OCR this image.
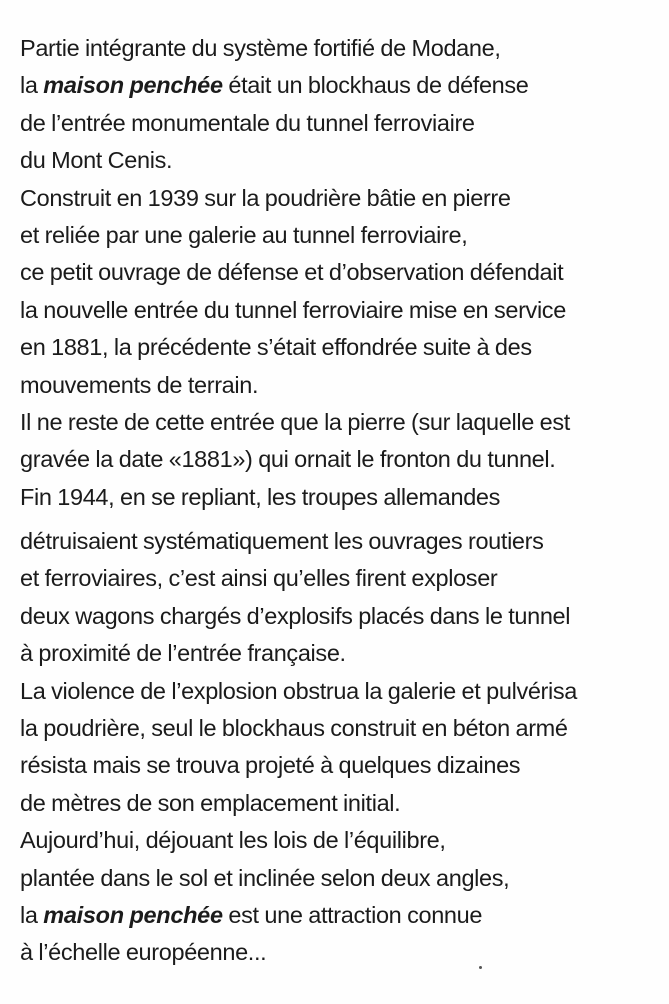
Partie intégrante du système fortifié de Modane,
la maison penchée était un blockhaus de défense
de l’entrée monumentale du tunnel ferroviaire
du Mont Cenis.
Construit en 1939 sur la poudrière bâtie en pierre
et reliée par une galerie au tunnel ferroviaire,
ce petit ouvrage de défense et d’observation défendait
la nouvelle entrée du tunnel ferroviaire mise en service
en 1881, la précédente s’était effondrée suite à des
mouvements de terrain.
Il ne reste de cette entrée que la pierre (sur laquelle est
gravée la date «1881») qui ornait le fronton du tunnel.
Fin 1944, en se repliant, les troupes allemandes
détruisaient systématiquement les ouvrages routiers
et ferroviaires, c’est ainsi qu’elles firent exploser
deux wagons chargés d’explosifs placés dans le tunnel
à proximité de l’entrée française.
La violence de l’explosion obstrua la galerie et pulvérisa
la poudrière, seul le blockhaus construit en béton armé
résista mais se trouva projeté à quelques dizaines
de mètres de son emplacement initial.
Aujourd’hui, déjouant les lois de l’équilibre,
plantée dans le sol et inclinée selon deux angles,
la maison penchée est une attraction connue
à l’échelle européenne...
